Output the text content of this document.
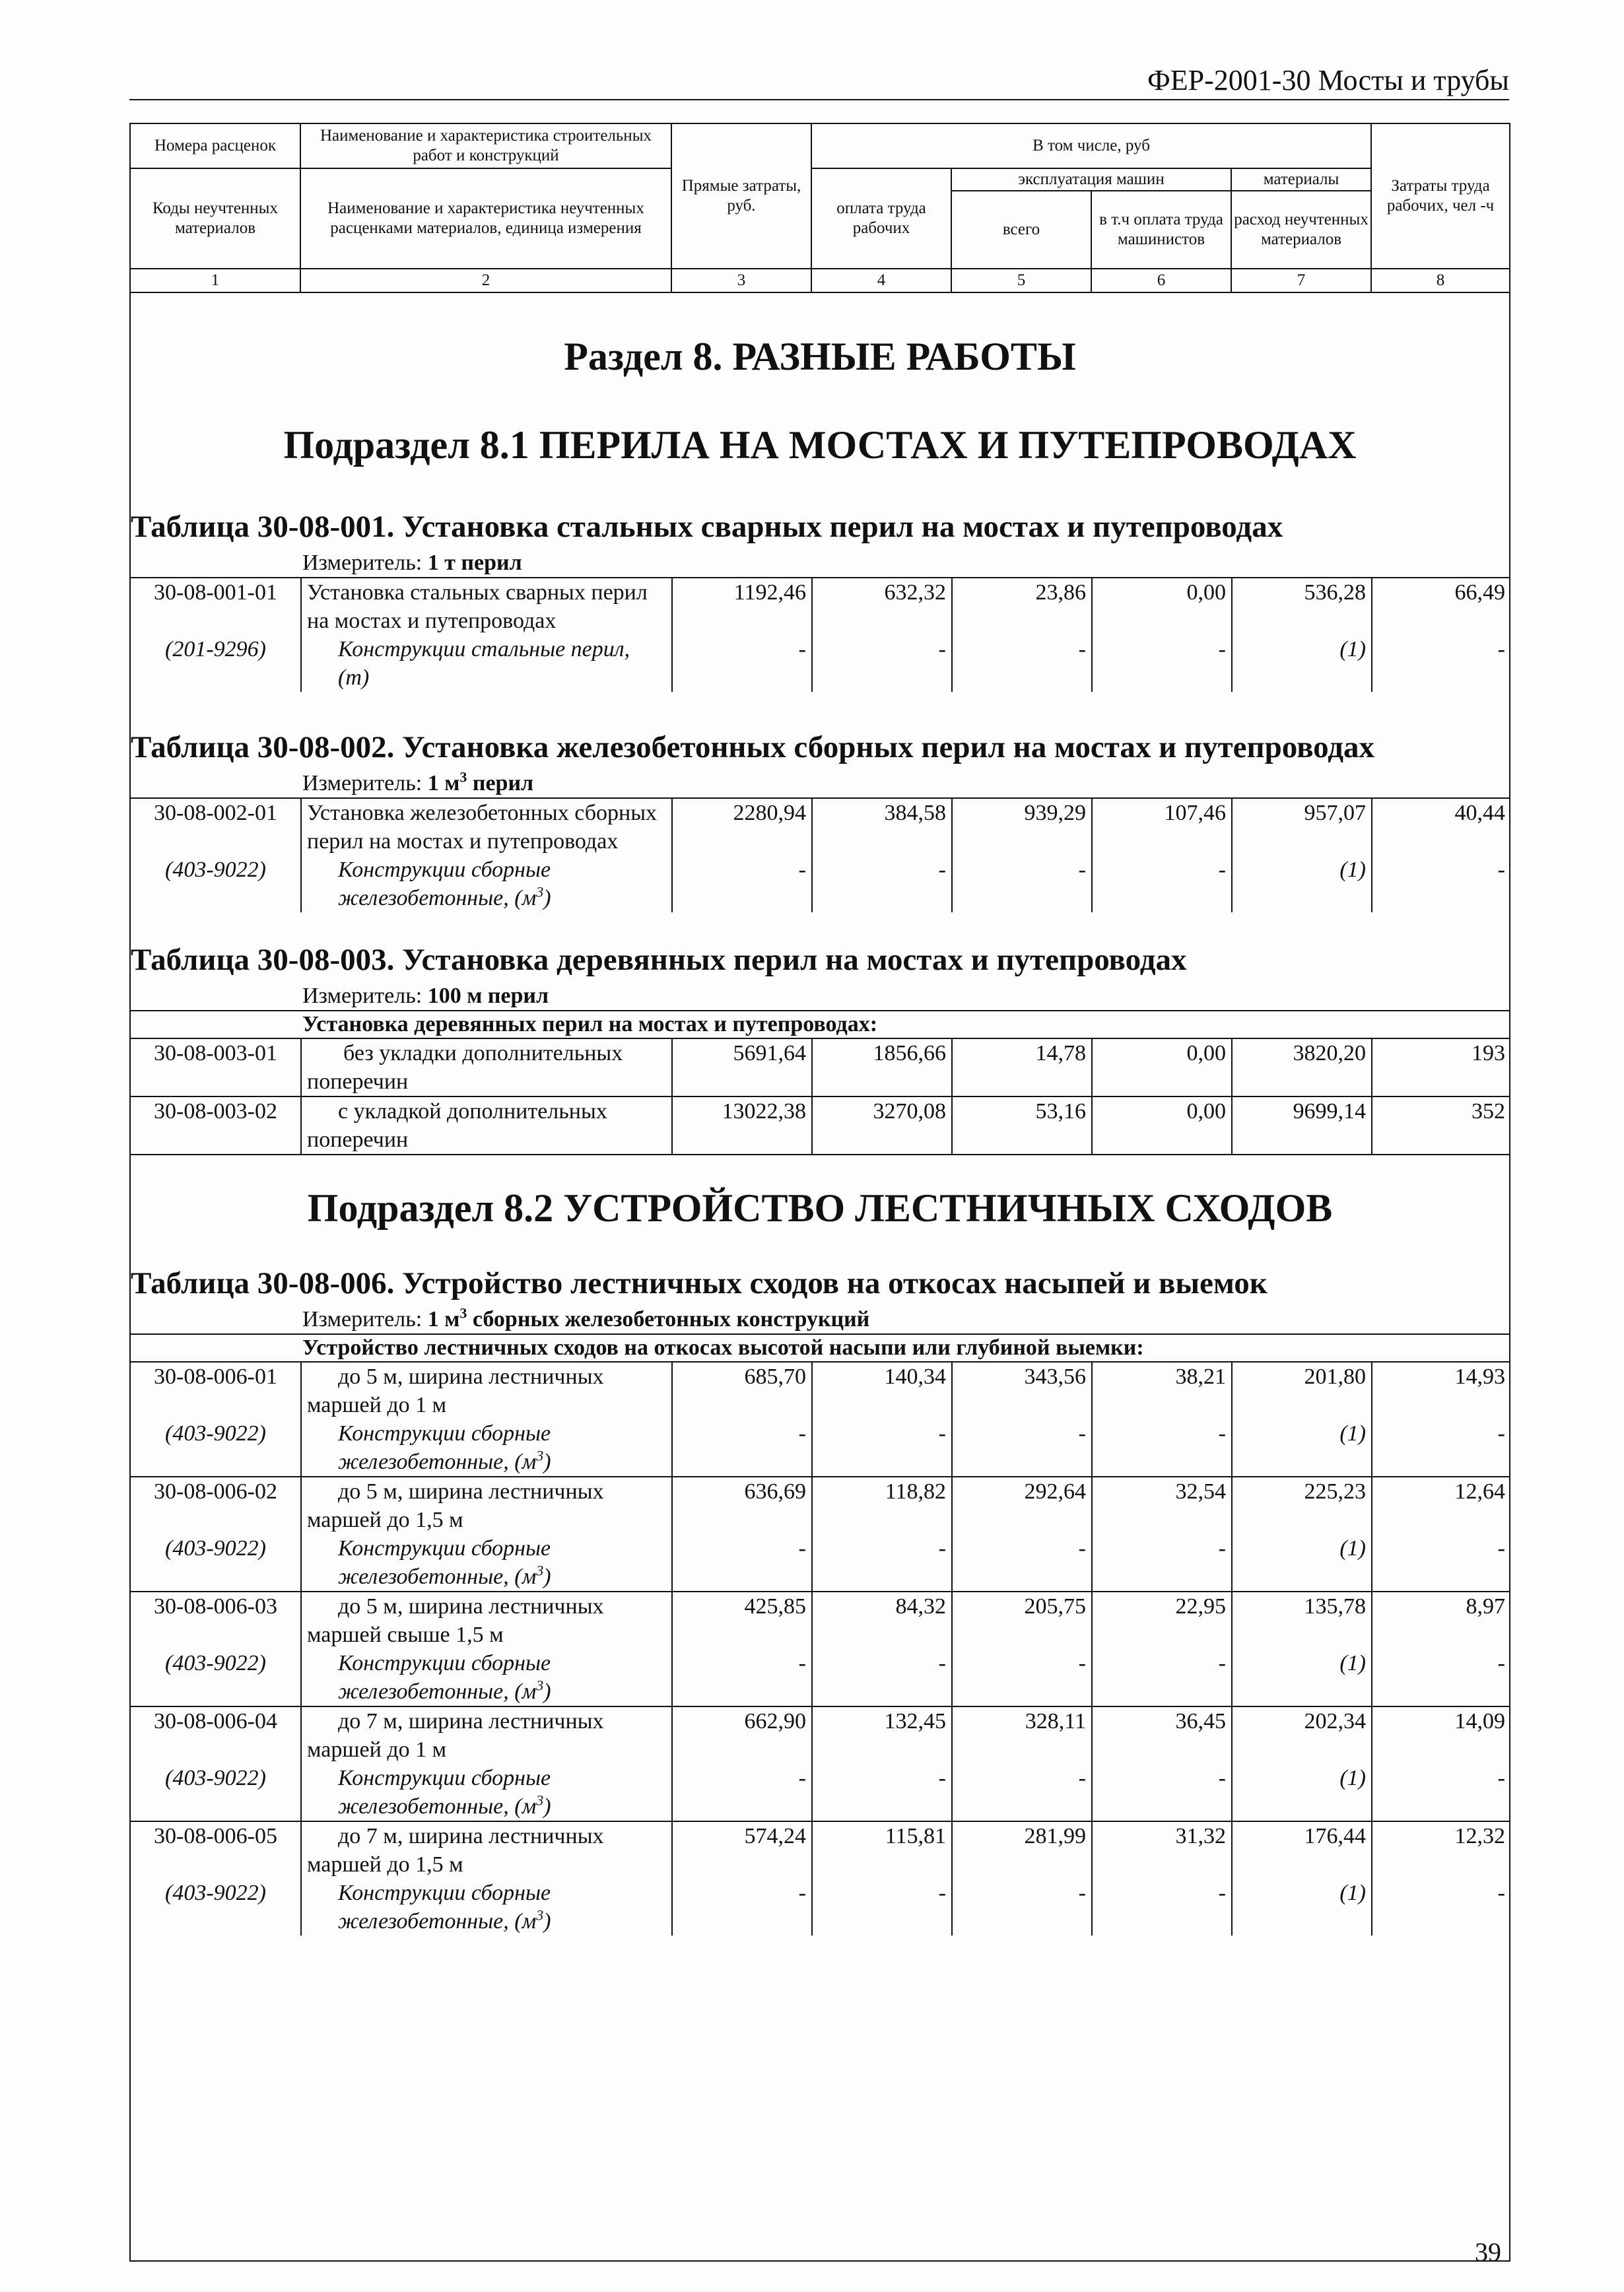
ФЕР-2001-30 Мосты и трубы
Номера расценок	Наименование и характеристика строительных работ и конструкций	Прямые затраты, руб.	В том числе, руб	Затраты труда рабочих, чел -ч
Коды неучтенных материалов	Наименование и характеристика неучтенных расценками материалов, единица измерения	оплата труда рабочих	эксплуатация машин	материалы
всего	в т.ч оплата труда машинистов	расход неучтенных материалов
1	2	3	4	5	6	7	8

Раздел 8. РАЗНЫЕ РАБОТЫ
Подраздел 8.1 ПЕРИЛА НА МОСТАХ И ПУТЕПРОВОДАХ
Таблица 30-08-001. Установка стальных сварных перил на мостах и путепроводах
Измеритель: 1 т перил
30-08-001-01	Установка стальных сварных перил на мостах и путепроводах	1192,46	632,32	23,86	0,00	536,28	66,49
(201-9296)	Конструкции стальные перил, (т)	-	-	-	-	(1)	-
Таблица 30-08-002. Установка железобетонных сборных перил на мостах и путепроводах
Измеритель: 1 $м^3$ перил
30-08-002-01	Установка железобетонных сборных перил на мостах и путепроводах	2280,94	384,58	939,29	107,46	957,07	40,44
(403-9022)	Конструкции сборные железобетонные, $(м^3)$	-	-	-	-	(1)	-
Таблица 30-08-003. Установка деревянных перил на мостах и путепроводах
Измеритель: 100 м перил
Установка деревянных перил на мостах и путепроводах:
30-08-003-01	без укладки дополнительных
поперечин
	5691,64	1856,66	14,78	0,00	3820,20	193
30-08-003-02	с укладкой дополнительных
поперечин
	13022,38	3270,08	53,16	0,00	9699,14	352
Подраздел 8.2 УСТРОЙСТВО ЛЕСТНИЧНЫХ СХОДОВ
Таблица 30-08-006. Устройство лестничных сходов на откосах насыпей и выемок
Измеритель: 1 $м^3$ сборных железобетонных конструкций
Устройство лестничных сходов на откосах высотой насыпи или глубиной выемки:
30-08-006-01	до 5 м, ширина лестничных
маршей до 1 м
	685,70	140,34	343,56	38,21	201,80	14,93
(403-9022)	Конструкции сборные железобетонные, $(м^3)$	-	-	-	-	(1)	-
30-08-006-02	до 5 м, ширина лестничных
маршей до 1,5 м
	636,69	118,82	292,64	32,54	225,23	12,64
(403-9022)	Конструкции сборные железобетонные, $(м^3)$	-	-	-	-	(1)	-
30-08-006-03	до 5 м, ширина лестничных
маршей свыше 1,5 м
	425,85	84,32	205,75	22,95	135,78	8,97
(403-9022)	Конструкции сборные железобетонные, $(м^3)$	-	-	-	-	(1)	-
30-08-006-04	до 7 м, ширина лестничных
маршей до 1 м
	662,90	132,45	328,11	36,45	202,34	14,09
(403-9022)	Конструкции сборные железобетонные, $(м^3)$	-	-	-	-	(1)	-
30-08-006-05	до 7 м, ширина лестничных
маршей до 1,5 м
	574,24	115,81	281,99	31,32	176,44	12,32
(403-9022)	Конструкции сборные железобетонные, $(м^3)$	-	-	-	-	(1)	-
39
